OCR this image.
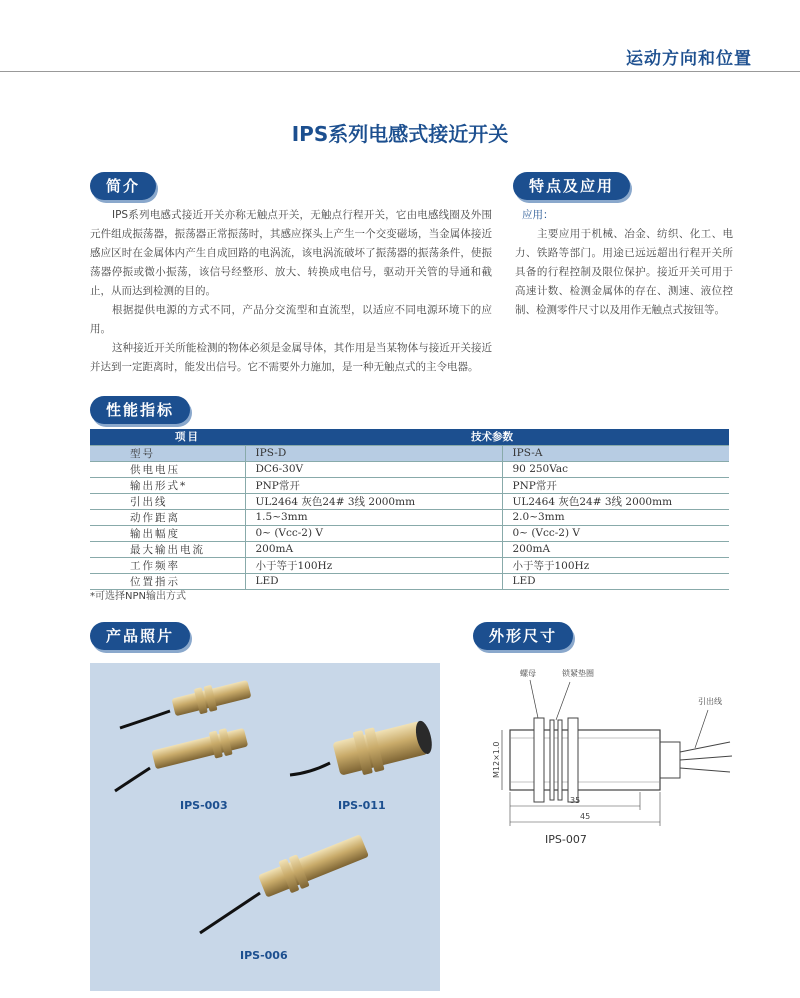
运动方向和位置
IPS系列电感式接近开关
简介
IPS系列电感式接近开关亦称无触点开关，无触点行程开关，它由电感线圈及外围元件组成振荡器，振荡器正常振荡时，其感应探头上产生一个交变磁场，当金属体接近感应区时在金属体内产生自成回路的电涡流，该电涡流破坏了振荡器的振荡条件，使振荡器停振或微小振荡，该信号经整形、放大、转换成电信号，驱动开关管的导通和截止，从而达到检测的目的。
根据提供电源的方式不同，产品分交流型和直流型，以适应不同电源环境下的应用。
这种接近开关所能检测的物体必须是金属导体，其作用是当某物体与接近开关接近并达到一定距离时，能发出信号。它不需要外力施加，是一种无触点式的主令电器。
特点及应用
应用：
主要应用于机械、冶金、纺织、化工、电力、铁路等部门。用途已远远超出行程开关所具备的行程控制及限位保护。接近开关可用于高速计数、检测金属体的存在、测速、液位控制、检测零件尺寸以及用作无触点式按钮等。
性能指标
项目	技术参数	
型号	IPS-D	IPS-A
供电电压	DC6-30V	90 250Vac
输出形式*	PNP常开	PNP常开
引出线	UL2464 灰色24# 3线 2000mm	UL2464 灰色24# 3线 2000mm
动作距离	1.5~3mm	2.0~3mm
输出幅度	0~ (Vcc-2) V	0~ (Vcc-2) V
最大输出电流	200mA	200mA
工作频率	小于等于100Hz	小于等于100Hz
位置指示	LED	LED
*可选择NPN输出方式
产品照片
IPS-003	IPS-011
IPS-006
外形尺寸
螺母	锁紧垫圈
引出线
M12×1.0
35
45
IPS-007
